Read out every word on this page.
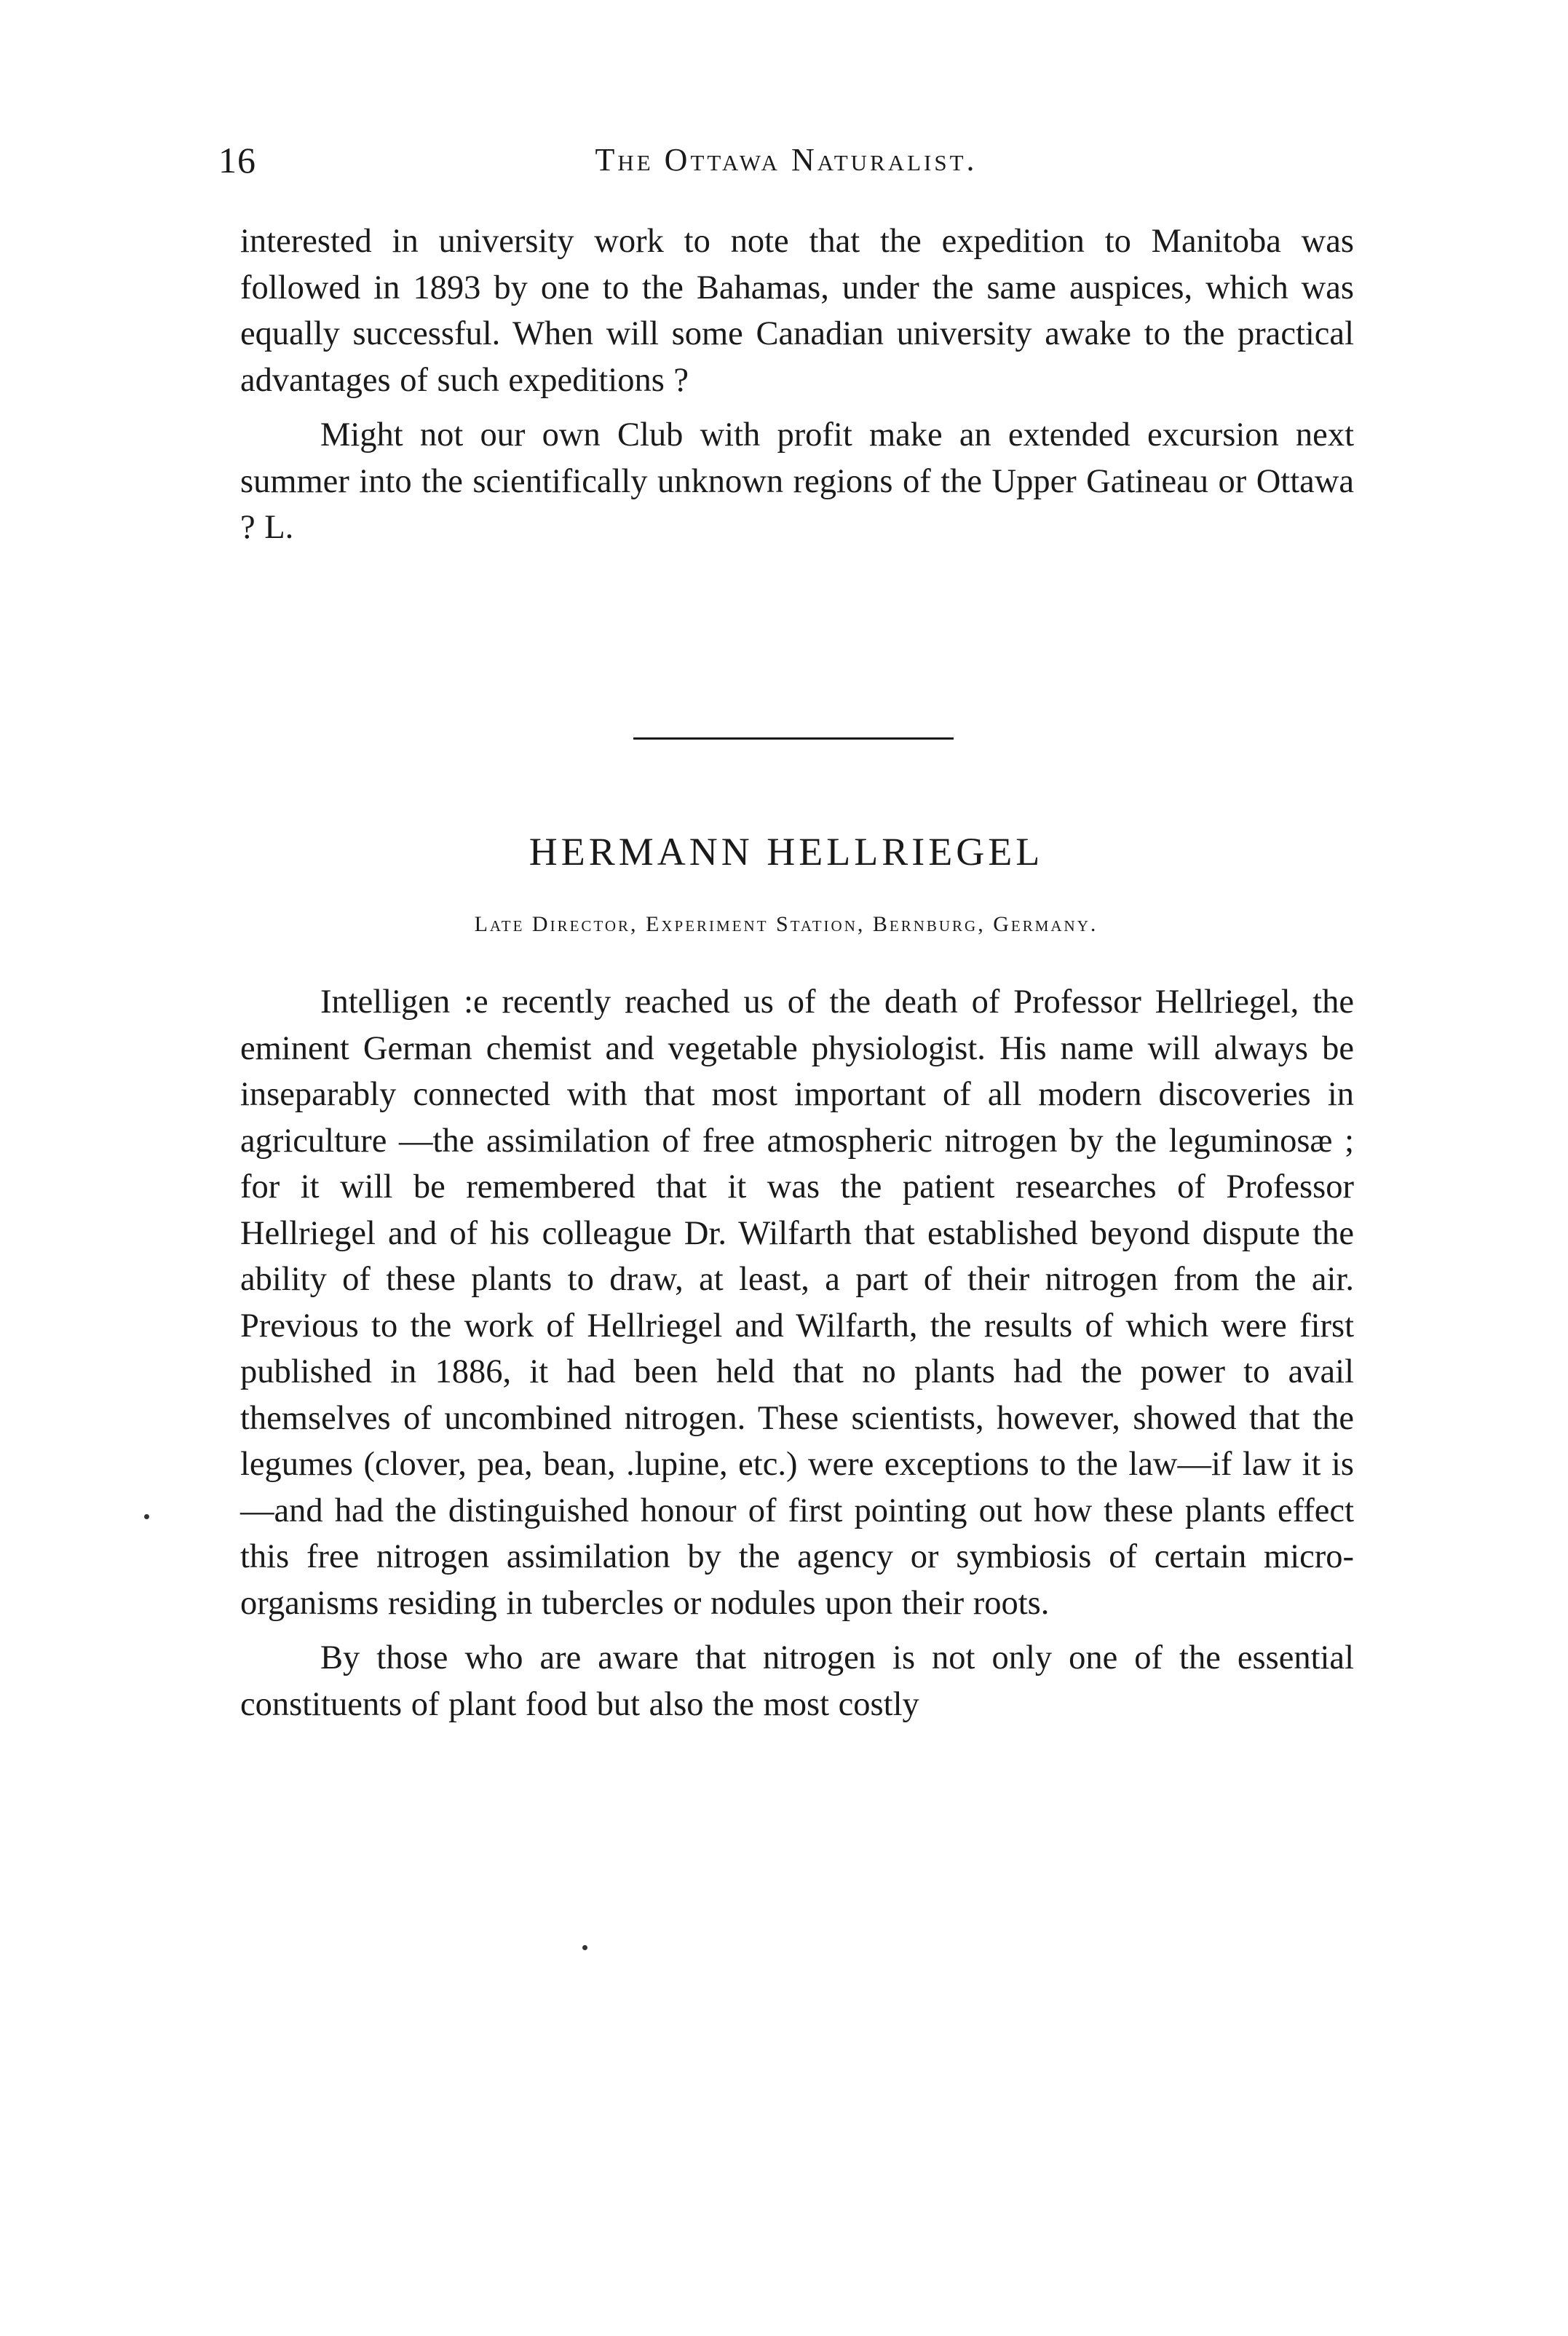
16	The Ottawa Naturalist.

interested in university work to note that the expedition to Manitoba was followed in 1893 by one to the Bahamas, under the same auspices, which was equally successful. When will some Canadian university awake to the practical advantages of such expeditions ?

Might not our own Club with profit make an extended excursion next summer into the scientifically unknown regions of the Upper Gatineau or Ottawa ? L.

HERMANN HELLRIEGEL
Late Director, Experiment Station, Bernburg, Germany.

Intelligen :e recently reached us of the death of Professor Hellriegel, the eminent German chemist and vegetable physiologist. His name will always be inseparably connected with that most important of all modern discoveries in agriculture —the assimilation of free atmospheric nitrogen by the leguminosæ ; for it will be remembered that it was the patient researches of Professor Hellriegel and of his colleague Dr. Wilfarth that established beyond dispute the ability of these plants to draw, at least, a part of their nitrogen from the air. Previous to the work of Hellriegel and Wilfarth, the results of which were first published in 1886, it had been held that no plants had the power to avail themselves of uncombined nitrogen. These scientists, however, showed that the legumes (clover, pea, bean, .lupine, etc.) were exceptions to the law—if law it is—and had the distinguished honour of first pointing out how these plants effect this free nitrogen assimilation by the agency or symbiosis of certain micro-organisms residing in tubercles or nodules upon their roots.

By those who are aware that nitrogen is not only one of the essential constituents of plant food but also the most costly
